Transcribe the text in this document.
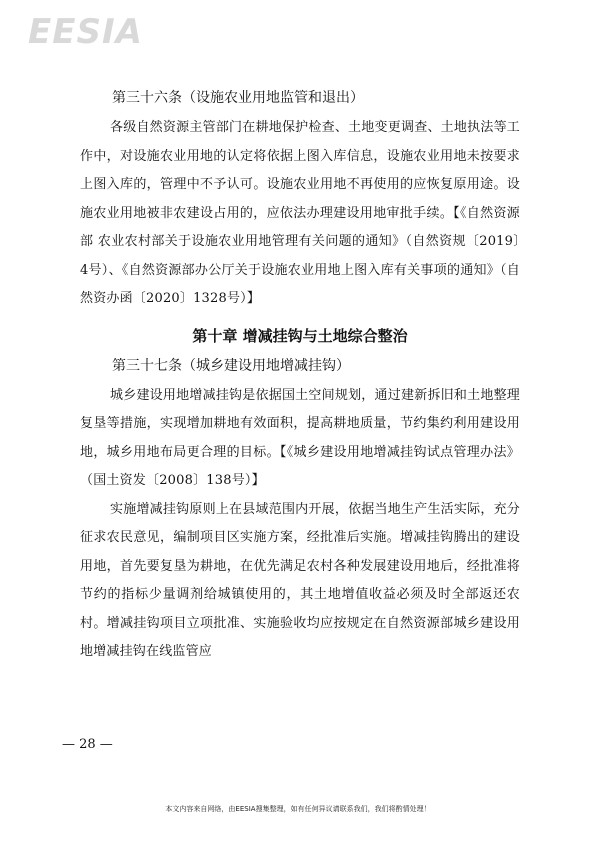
EESIA

第三十六条（设施农业用地监管和退出）

各级自然资源主管部门在耕地保护检查、土地变更调查、土地执法等工作中，对设施农业用地的认定将依据上图入库信息，设施农业用地未按要求上图入库的，管理中不予认可。设施农业用地不再使用的应恢复原用途。设施农业用地被非农建设占用的，应依法办理建设用地审批手续。【《自然资源部 农业农村部关于设施农业用地管理有关问题的通知》（自然资规〔2019〕4号）、《自然资源部办公厅关于设施农业用地上图入库有关事项的通知》（自然资办函〔2020〕1328号）】

第十章 增减挂钩与土地综合整治

第三十七条（城乡建设用地增减挂钩）

城乡建设用地增减挂钩是依据国土空间规划，通过建新拆旧和土地整理复垦等措施，实现增加耕地有效面积，提高耕地质量，节约集约利用建设用地，城乡用地布局更合理的目标。【《城乡建设用地增减挂钩试点管理办法》（国土资发〔2008〕138号）】

实施增减挂钩原则上在县域范围内开展，依据当地生产生活实际，充分征求农民意见，编制项目区实施方案，经批准后实施。增减挂钩腾出的建设用地，首先要复垦为耕地，在优先满足农村各种发展建设用地后，经批准将节约的指标少量调剂给城镇使用的，其土地增值收益必须及时全部返还农村。增减挂钩项目立项批准、实施验收均应按规定在自然资源部城乡建设用地增减挂钩在线监管应

— 28 —
本文内容来自网络，由EESIA搜集整理，如有任何异议请联系我们，我们将酌情处理！
